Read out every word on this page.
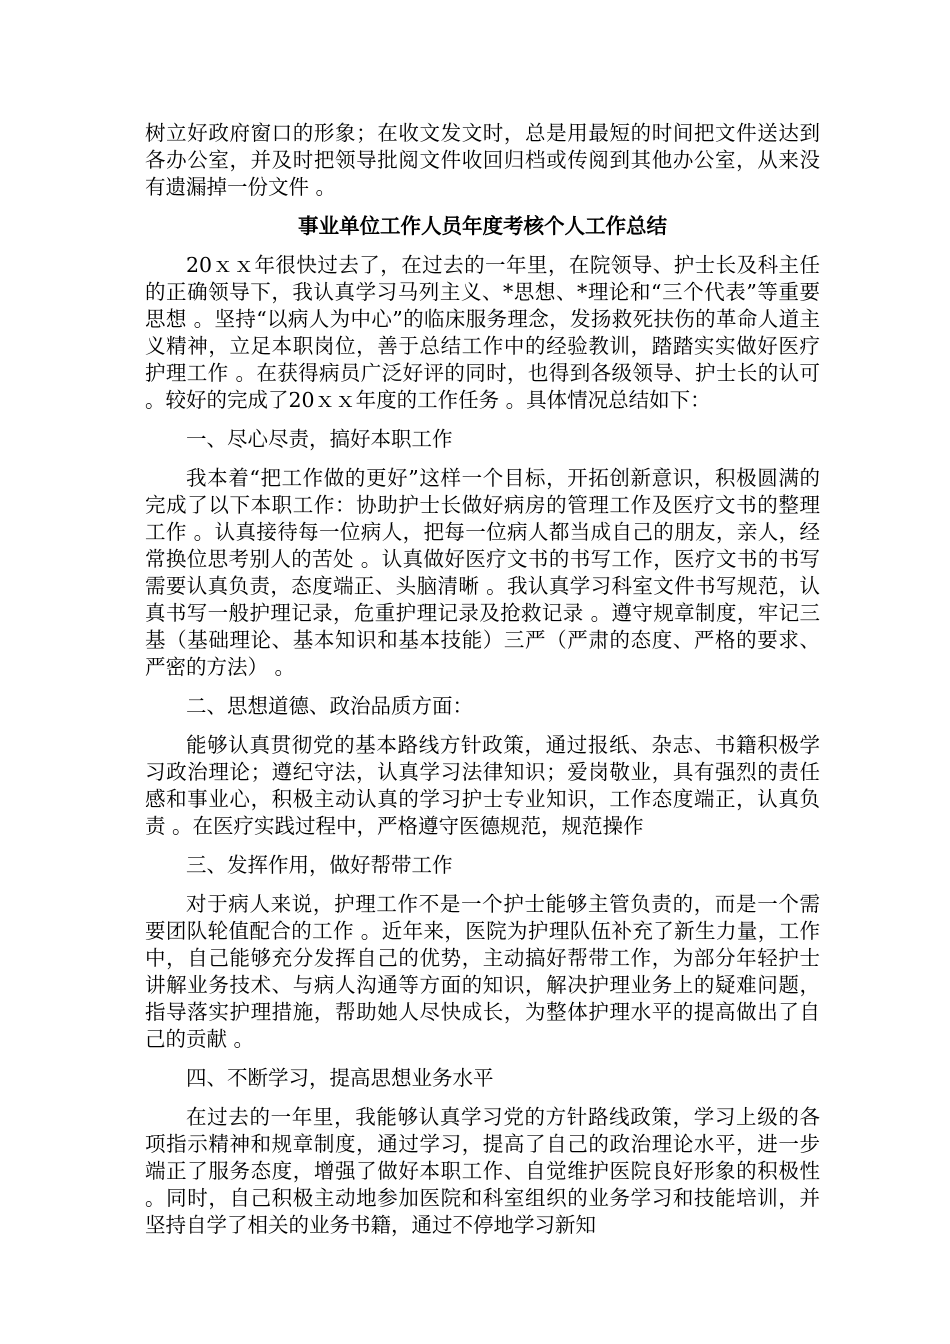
树立好政府窗口的形象；在收文发文时，总是用最短的时间把文件送达到各办公室，并及时把领导批阅文件收回归档或传阅到其他办公室，从来没有遗漏掉一份文件 。

事业单位工作人员年度考核个人工作总结

20ｘｘ年很快过去了，在过去的一年里，在院领导、护士长及科主任的正确领导下，我认真学习马列主义、*思想、*理论和“三个代表”等重要思想 。坚持“以病人为中心”的临床服务理念，发扬救死扶伤的革命人道主义精神，立足本职岗位，善于总结工作中的经验教训，踏踏实实做好医疗护理工作 。在获得病员广泛好评的同时，也得到各级领导、护士长的认可 。较好的完成了20ｘｘ年度的工作任务 。具体情况总结如下：

一、尽心尽责，搞好本职工作

我本着“把工作做的更好”这样一个目标，开拓创新意识，积极圆满的完成了以下本职工作：协助护士长做好病房的管理工作及医疗文书的整理工作 。认真接待每一位病人，把每一位病人都当成自己的朋友，亲人，经常换位思考别人的苦处 。认真做好医疗文书的书写工作，医疗文书的书写需要认真负责，态度端正、头脑清晰 。我认真学习科室文件书写规范，认真书写一般护理记录，危重护理记录及抢救记录 。遵守规章制度，牢记三基（基础理论、基本知识和基本技能）三严（严肃的态度、严格的要求、严密的方法） 。

二、思想道德、政治品质方面：

能够认真贯彻党的基本路线方针政策，通过报纸、杂志、书籍积极学习政治理论；遵纪守法，认真学习法律知识；爱岗敬业，具有强烈的责任感和事业心，积极主动认真的学习护士专业知识，工作态度端正，认真负责 。在医疗实践过程中，严格遵守医德规范，规范操作

三、发挥作用，做好帮带工作

对于病人来说，护理工作不是一个护士能够主管负责的，而是一个需要团队轮值配合的工作 。近年来，医院为护理队伍补充了新生力量，工作中，自己能够充分发挥自己的优势，主动搞好帮带工作，为部分年轻护士讲解业务技术、与病人沟通等方面的知识，解决护理业务上的疑难问题，指导落实护理措施，帮助她人尽快成长，为整体护理水平的提高做出了自己的贡献 。

四、不断学习，提高思想业务水平

在过去的一年里，我能够认真学习党的方针路线政策，学习上级的各项指示精神和规章制度，通过学习，提高了自己的政治理论水平，进一步端正了服务态度，增强了做好本职工作、自觉维护医院良好形象的积极性 。同时，自己积极主动地参加医院和科室组织的业务学习和技能培训，并坚持自学了相关的业务书籍，通过不停地学习新知
